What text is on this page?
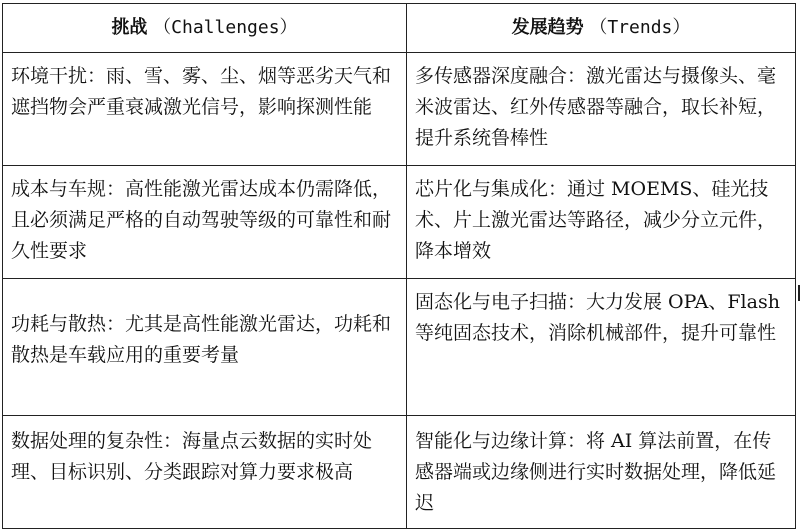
挑战 （Challenges）	发展趋势 （Trends）

环境干扰：雨、雪、雾、尘、烟等恶劣天气和遮挡物会严重衰减激光信号，影响探测性能	多传感器深度融合：激光雷达与摄像头、毫米波雷达、红外传感器等融合，取长补短，提升系统鲁棒性

成本与车规：高性能激光雷达成本仍需降低，且必须满足严格的自动驾驶等级的可靠性和耐久性要求	芯片化与集成化：通过 MOEMS、硅光技术、片上激光雷达等路径，减少分立元件，降本增效

功耗与散热：尤其是高性能激光雷达，功耗和散热是车载应用的重要考量	固态化与电子扫描：大力发展 OPA、Flash 等纯固态技术，消除机械部件，提升可靠性

数据处理的复杂性：海量点云数据的实时处理、目标识别、分类跟踪对算力要求极高	智能化与边缘计算：将 AI 算法前置，在传感器端或边缘侧进行实时数据处理，降低延迟
